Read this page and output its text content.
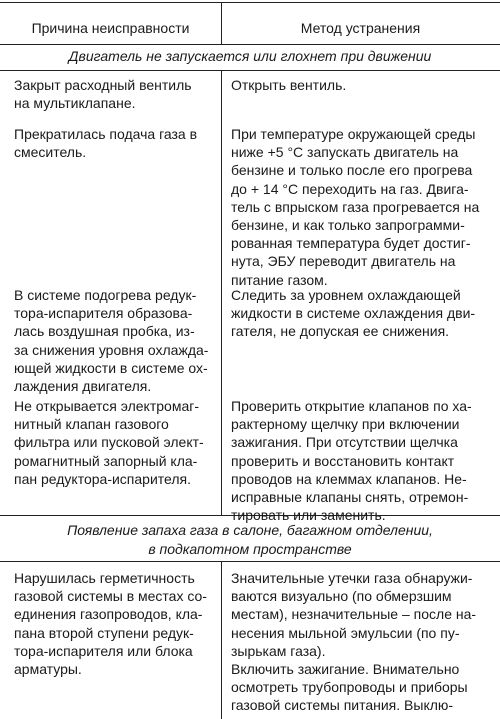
Причина неисправности	Метод устранения
Двигатель не запускается или глохнет при движении
Закрыт расходный вентиль
на мультиклапане.
Открыть вентиль.
Прекратилась подача газа в
смеситель.
При температуре окружающей среды
ниже +5 °С запускать двигатель на
бензине и только после его прогрева
до + 14 °С переходить на газ. Двига-
тель с впрыском газа прогревается на
бензине, и как только запрограмми-
рованная температура будет достиг-
нута, ЭБУ переводит двигатель на
питание газом.
В системе подогрева редук-
тора-испарителя образова-
лась воздушная пробка, из-
за снижения уровня охлаждa-
ющей жидкости в системе ох-
лаждения двигателя.
Следить за уровнем охлаждающей
жидкости в системе охлаждения дви-
гателя, не допуская ее снижения.
Не открывается электромаг-
нитный клапан газового
фильтра или пусковой элект-
ромагнитный запорный кла-
пан редуктора-испарителя.
Проверить открытие клапанов по ха-
рактерному щелчку при включении
зажигания. При отсутствии щелчка
проверить и восстановить контакт
проводов на клеммах клапанов. Не-
исправные клапаны снять, отремон-
тировать или заменить.
Появление запаха газа в салоне, багажном отделении,
в подкапотном пространстве
Нарушилась герметичность
газовой системы в местах со-
единения газопроводов, кла-
пана второй ступени редук-
тора-испарителя или блока
арматуры.
Значительные утечки газа обнаружи-
ваются визуально (по обмерзшим
местам), незначительные – после на-
несения мыльной эмульсии (по пу-
зырькам газа).
Включить зажигание. Внимательно
осмотреть трубопроводы и приборы
газовой системы питания. Выклю-
